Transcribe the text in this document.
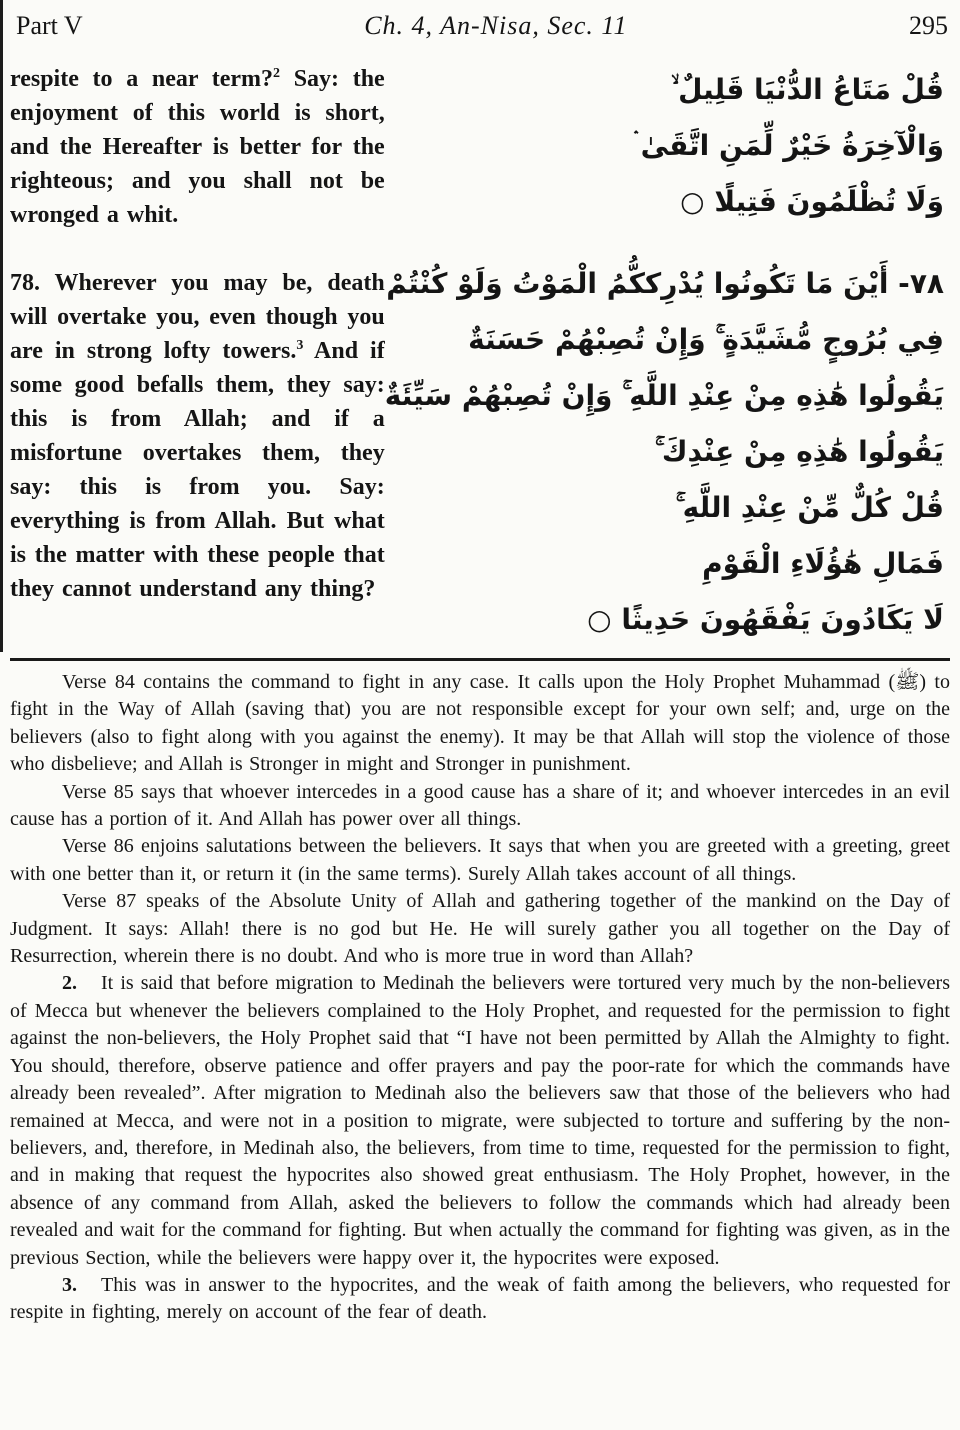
Part V	Ch. 4, An-Nisa, Sec. 11	295

respite to a near term?$^2$ Say: the enjoyment of this world is short, and the Hereafter is better for the righteous; and you shall not be wronged a whit.

78. Wherever you may be, death will overtake you, even though you are in strong lofty towers.$^3$ And if some good befalls them, they say: this is from Allah; and if a misfortune overtakes them, they say: this is from you. Say: everything is from Allah. But what is the matter with these people that they cannot understand any thing?

قُلْ مَتَاعُ الدُّنْيَا قَلِيلٌ ۙ
وَالْآخِرَةُ خَيْرٌ لِّمَنِ اتَّقَىٰ ۛ
وَلَا تُظْلَمُونَ فَتِيلًا ○
٧٨- أَيْنَ مَا تَكُونُوا يُدْرِككُّمُ الْمَوْتُ وَلَوْ كُنْتُمْ
فِي بُرُوجٍ مُّشَيَّدَةٍ ۚ وَإِنْ تُصِبْهُمْ حَسَنَةٌ
يَقُولُوا هَٰذِهِ مِنْ عِنْدِ اللَّهِ ۚ وَإِنْ تُصِبْهُمْ سَيِّئَةٌ
يَقُولُوا هَٰذِهِ مِنْ عِنْدِكَ ۚ
قُلْ كُلٌّ مِّنْ عِنْدِ اللَّهِ ۚ
فَمَالِ هَٰؤُلَاءِ الْقَوْمِ
لَا يَكَادُونَ يَفْقَهُونَ حَدِيثًا ○

Verse 84 contains the command to fight in any case. It calls upon the Holy Prophet Muhammad (ﷺ) to fight in the Way of Allah (saving that) you are not responsible except for your own self; and, urge on the believers (also to fight along with you against the enemy). It may be that Allah will stop the violence of those who disbelieve; and Allah is Stronger in might and Stronger in punishment.

Verse 85 says that whoever intercedes in a good cause has a share of it; and whoever intercedes in an evil cause has a portion of it. And Allah has power over all things.

Verse 86 enjoins salutations between the believers. It says that when you are greeted with a greeting, greet with one better than it, or return it (in the same terms). Surely Allah takes account of all things.

Verse 87 speaks of the Absolute Unity of Allah and gathering together of the mankind on the Day of Judgment. It says: Allah! there is no god but He. He will surely gather you all together on the Day of Resurrection, wherein there is no doubt. And who is more true in word than Allah?

2. It is said that before migration to Medinah the believers were tortured very much by the non-believers of Mecca but whenever the believers complained to the Holy Prophet, and requested for the permission to fight against the non-believers, the Holy Prophet said that “I have not been permitted by Allah the Almighty to fight. You should, therefore, observe patience and offer prayers and pay the poor-rate for which the commands have already been revealed”. After migration to Medinah also the believers saw that those of the believers who had remained at Mecca, and were not in a position to migrate, were subjected to torture and suffering by the non-believers, and, therefore, in Medinah also, the believers, from time to time, requested for the permission to fight, and in making that request the hypocrites also showed great enthusiasm. The Holy Prophet, however, in the absence of any command from Allah, asked the believers to follow the commands which had already been revealed and wait for the command for fighting. But when actually the command for fighting was given, as in the previous Section, while the believers were happy over it, the hypocrites were exposed.

3. This was in answer to the hypocrites, and the weak of faith among the believers, who requested for respite in fighting, merely on account of the fear of death.
